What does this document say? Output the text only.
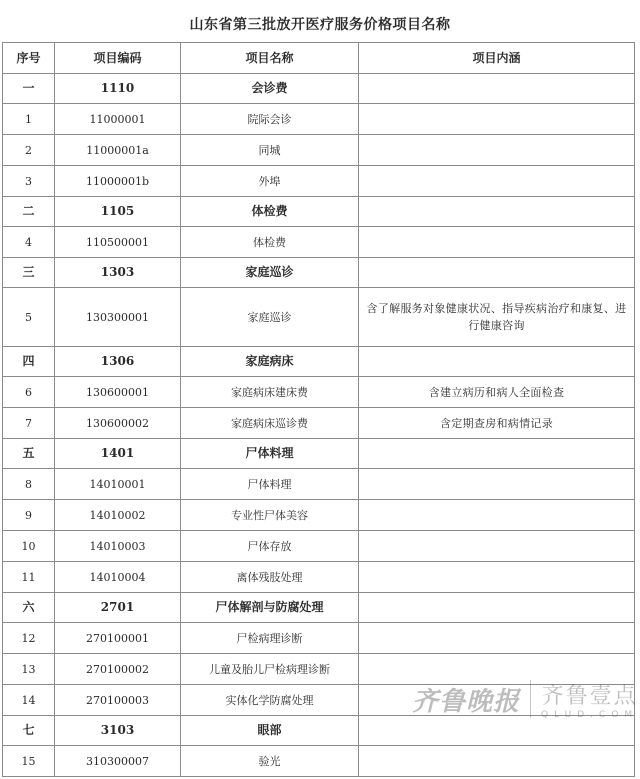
山东省第三批放开医疗服务价格项目名称
序号	项目编码	项目名称	项目内涵
一	1110	会诊费	
1	11000001	院际会诊	
2	11000001a	同城	
3	11000001b	外埠	
二	1105	体检费	
4	110500001	体检费	
三	1303	家庭巡诊	
5	130300001	家庭巡诊	含了解服务对象健康状况、指导疾病治疗和康复、进行健康咨询
四	1306	家庭病床	
6	130600001	家庭病床建床费	含建立病历和病人全面检查
7	130600002	家庭病床巡诊费	含定期查房和病情记录
五	1401	尸体料理	
8	14010001	尸体料理	
9	14010002	专业性尸体美容	
10	14010003	尸体存放	
11	14010004	离体残肢处理	
六	2701	尸体解剖与防腐处理	
12	270100001	尸检病理诊断	
13	270100002	儿童及胎儿尸检病理诊断	
14	270100003	实体化学防腐处理	
七	3103	眼部	
15	310300007	验光	
齐鲁晚报 齐鲁壹点
QLUD.COM
